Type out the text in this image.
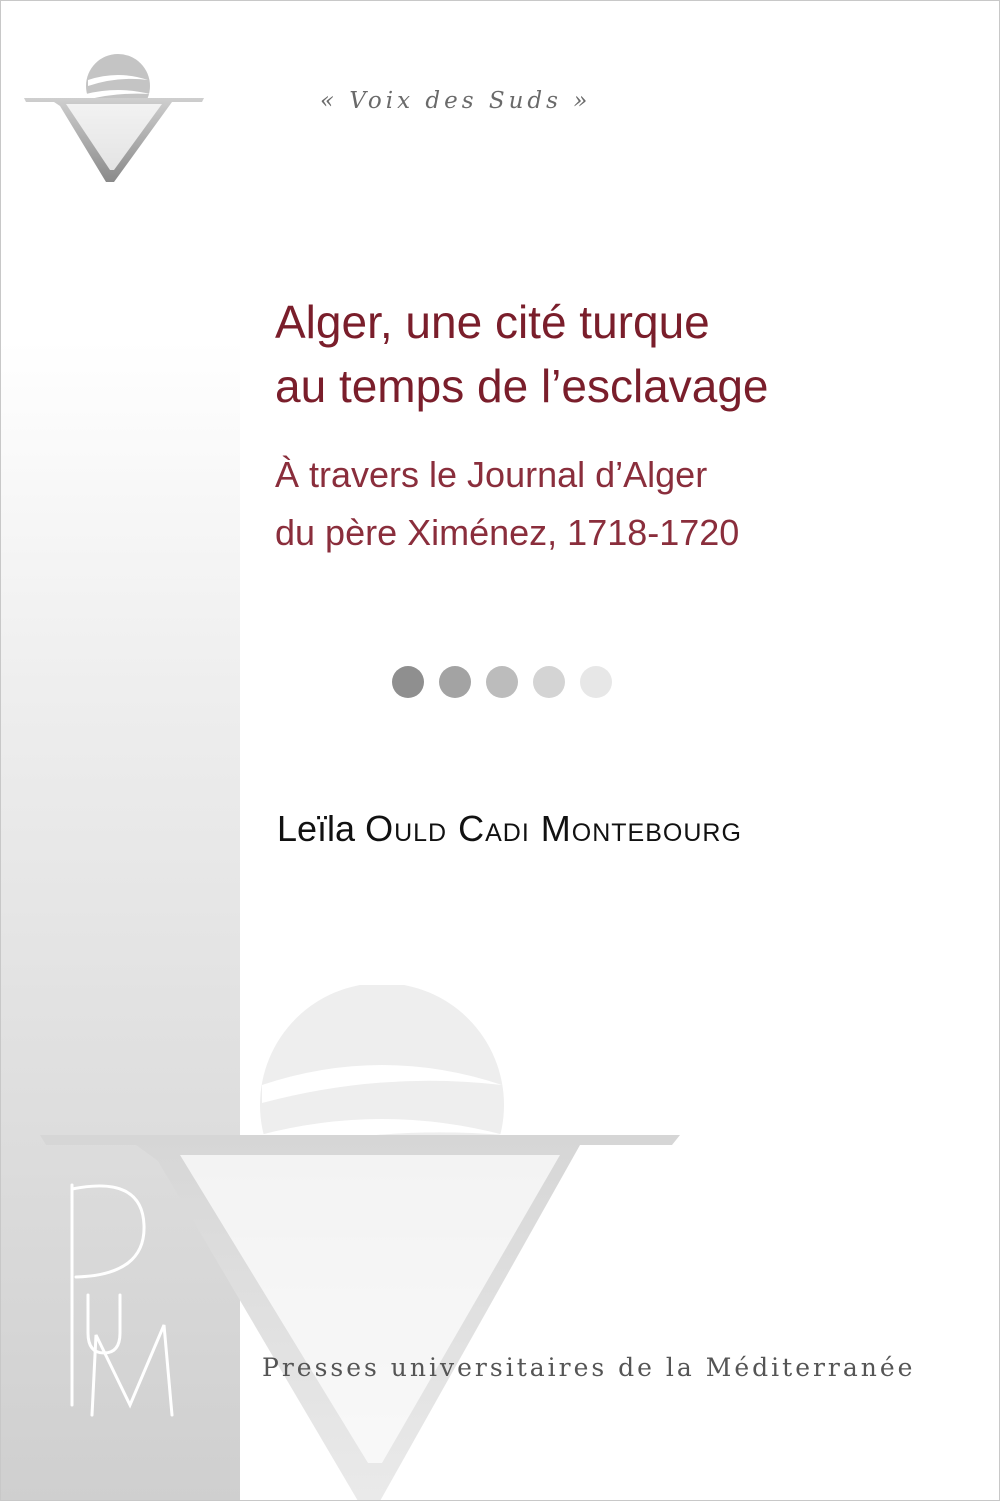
« Voix des Suds »
Alger, une cité turque
au temps de l’esclavage
À travers le Journal d’Alger
du père Ximénez, 1718-1720
Leïla Ould Cadi Montebourg
Presses universitaires de la Méditerranée
